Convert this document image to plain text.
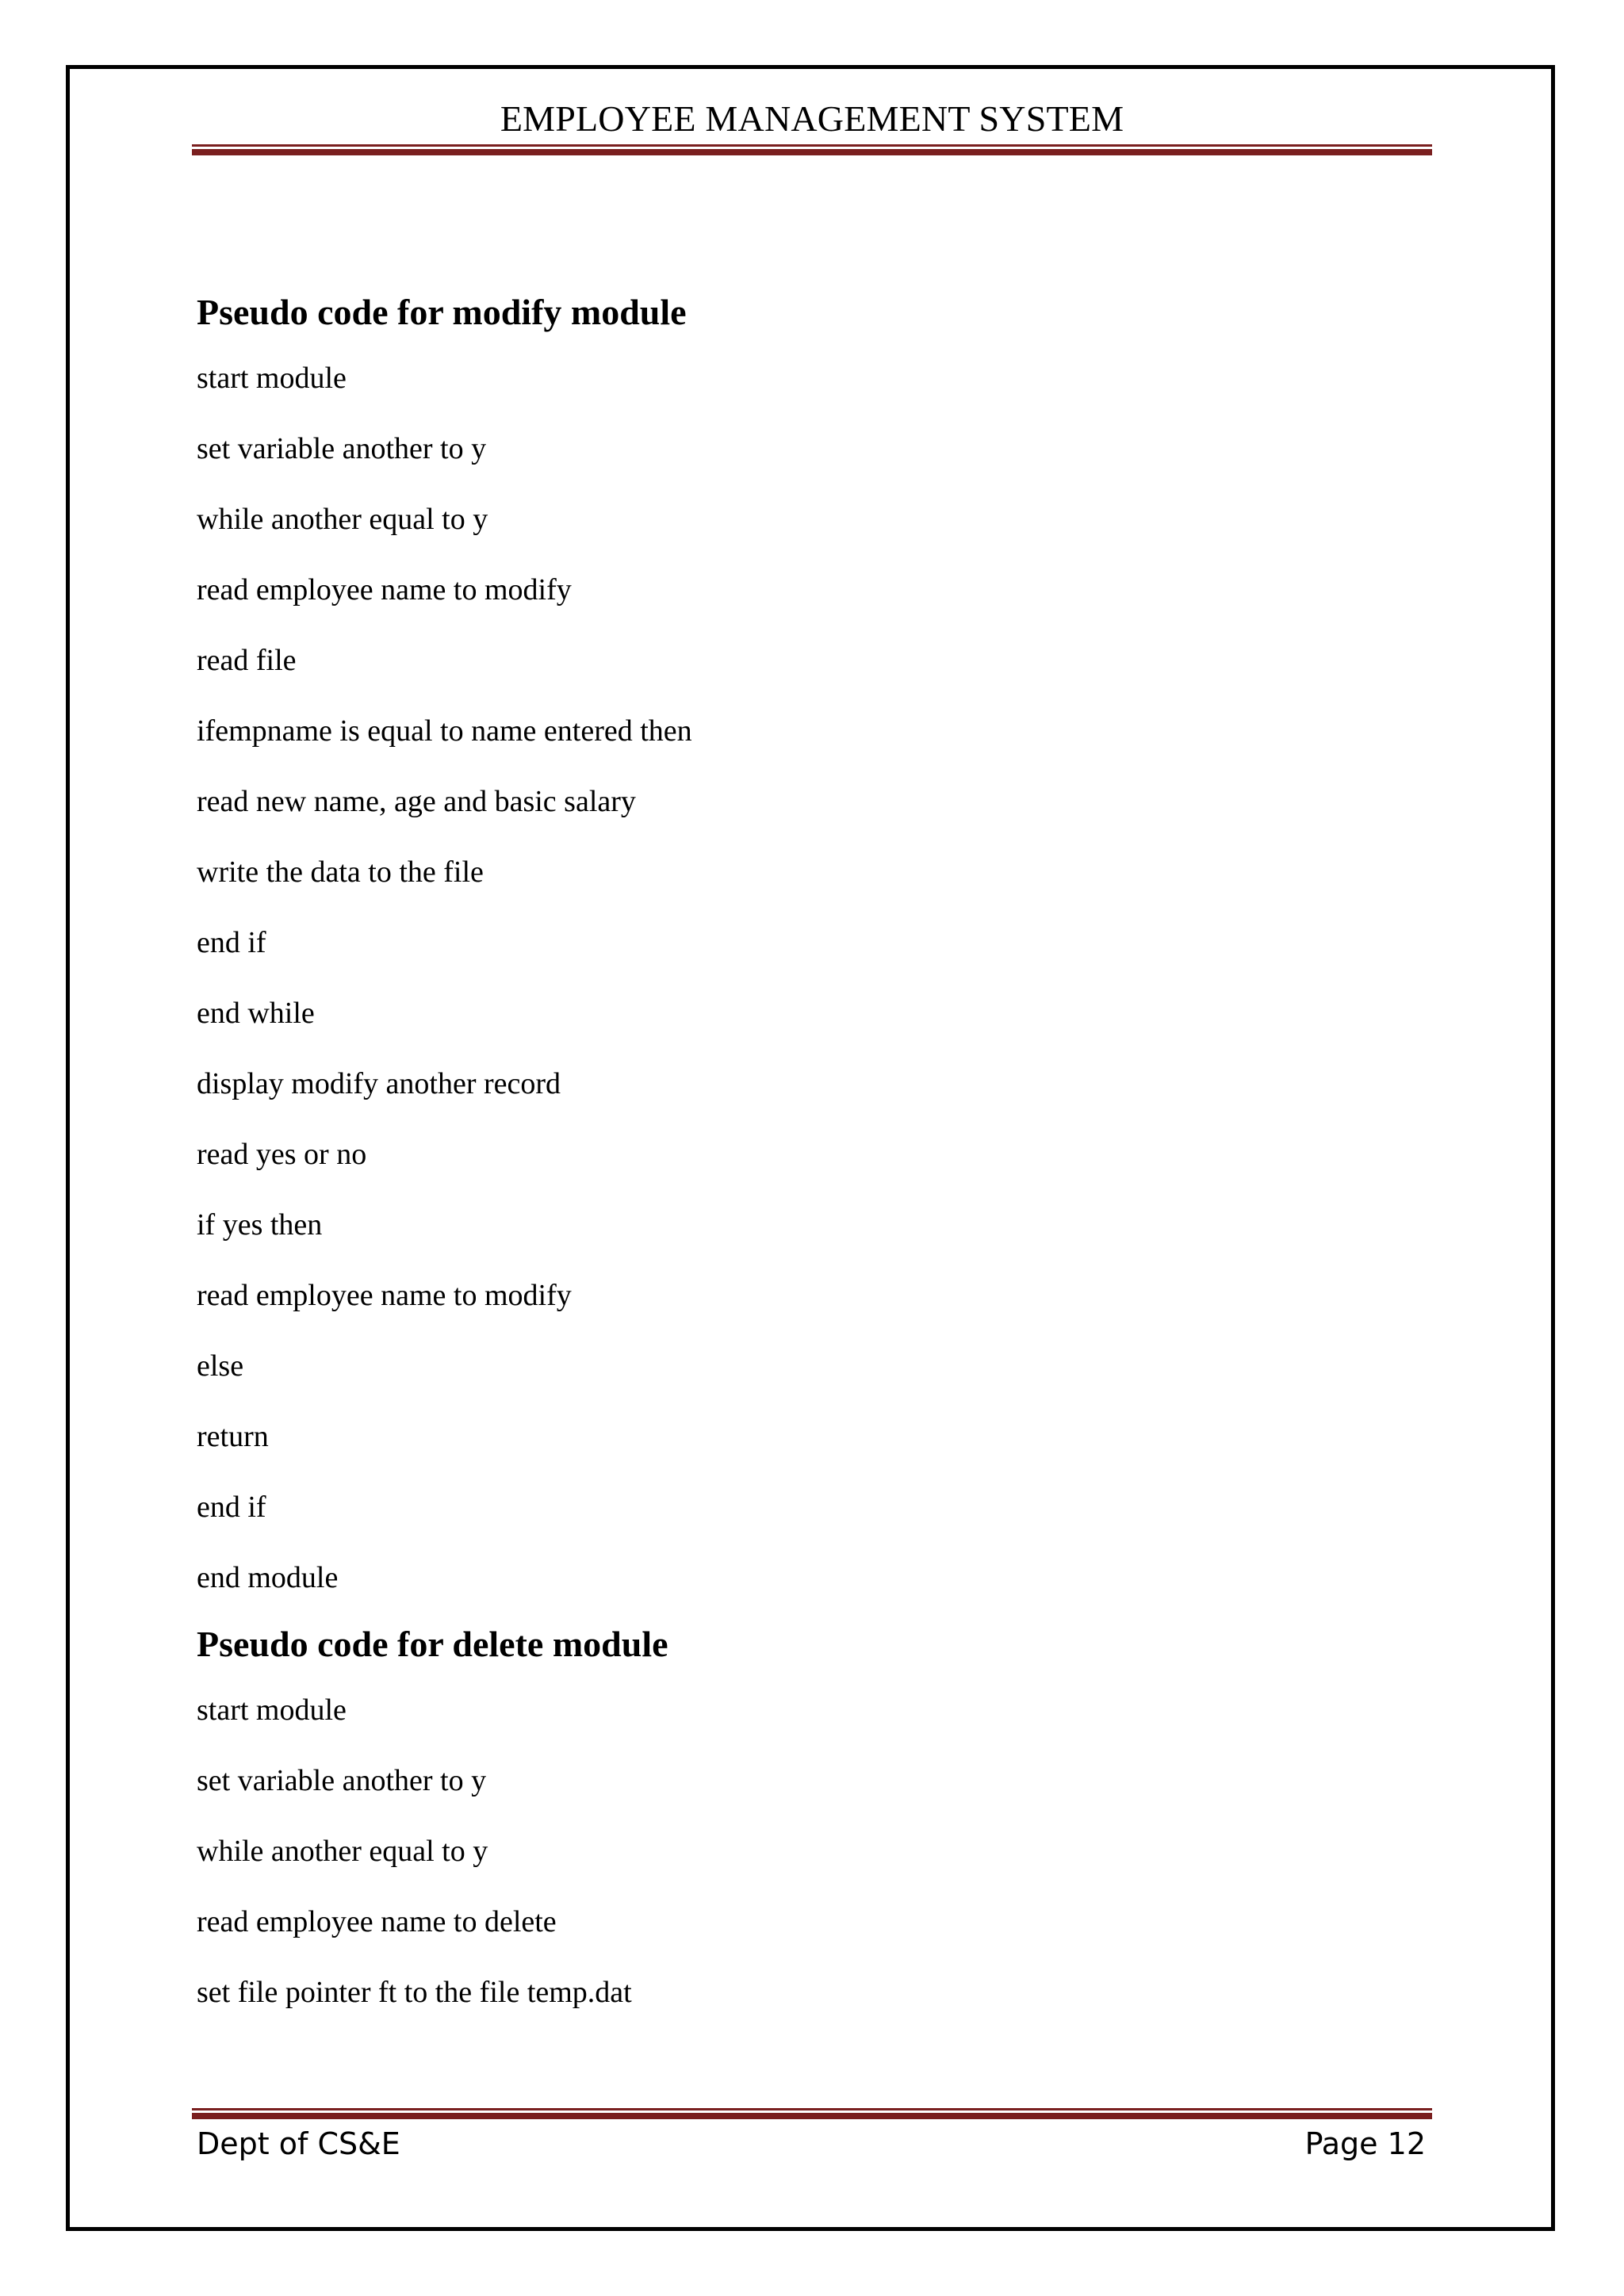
EMPLOYEE MANAGEMENT SYSTEM
Pseudo code for modify module
start module
set variable another to y
while another equal to y
read employee name to modify
read file
ifempname is equal to name entered then
read new name, age and basic salary
write the data to the file
end if
end while
display modify another record
read yes or no
if yes then
read employee name to modify
else
return
end if
end module
Pseudo code for delete module
start module
set variable another to y
while another equal to y
read employee name to delete
set file pointer ft to the file temp.dat
Dept of CS&E	Page 12
